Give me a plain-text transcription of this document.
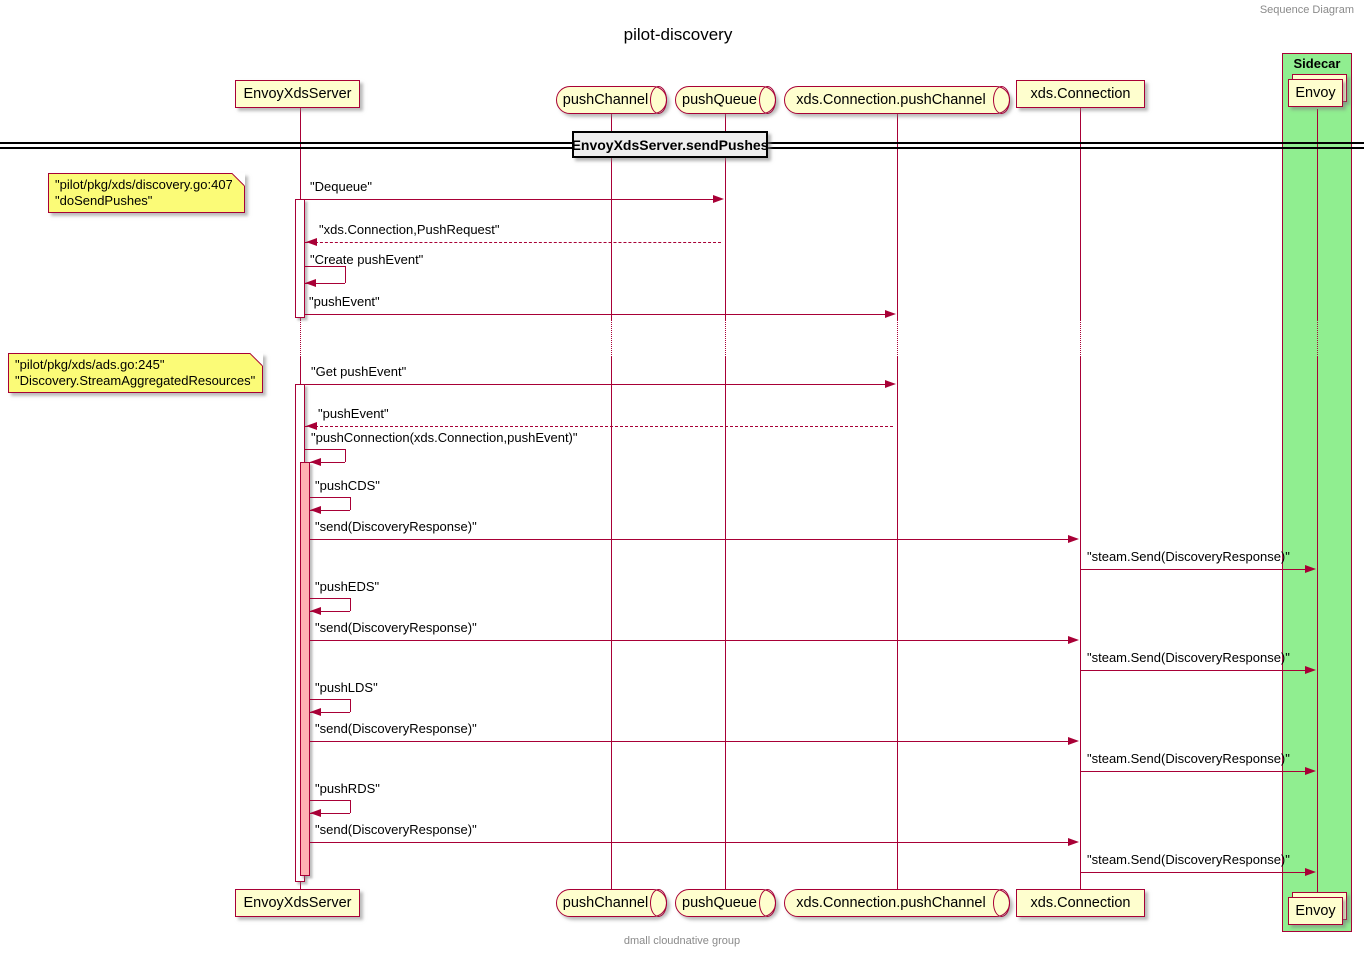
Sequence Diagram
pilot-discovery
Sidecar
EnvoyXdsServer.sendPushes
dmall cloudnative group
"Dequeue"
"xds.Connection,PushRequest"
"Create pushEvent"
"pushEvent"
"Get pushEvent"
"pushEvent"
"pushConnection(xds.Connection,pushEvent)"
"pushCDS"
"send(DiscoveryResponse)"
"steam.Send(DiscoveryResponse)"
"pushEDS"
"send(DiscoveryResponse)"
"steam.Send(DiscoveryResponse)"
"pushLDS"
"send(DiscoveryResponse)"
"steam.Send(DiscoveryResponse)"
"pushRDS"
"send(DiscoveryResponse)"
"steam.Send(DiscoveryResponse)"
EnvoyXdsServer
EnvoyXdsServer
pushChannel
pushChannel
pushQueue
pushQueue
xds.Connection.pushChannel
xds.Connection.pushChannel
xds.Connection
xds.Connection
Envoy
Envoy
"pilot/pkg/xds/discovery.go:407"
"doSendPushes"
"pilot/pkg/xds/ads.go:245"
"Discovery.StreamAggregatedResources"
